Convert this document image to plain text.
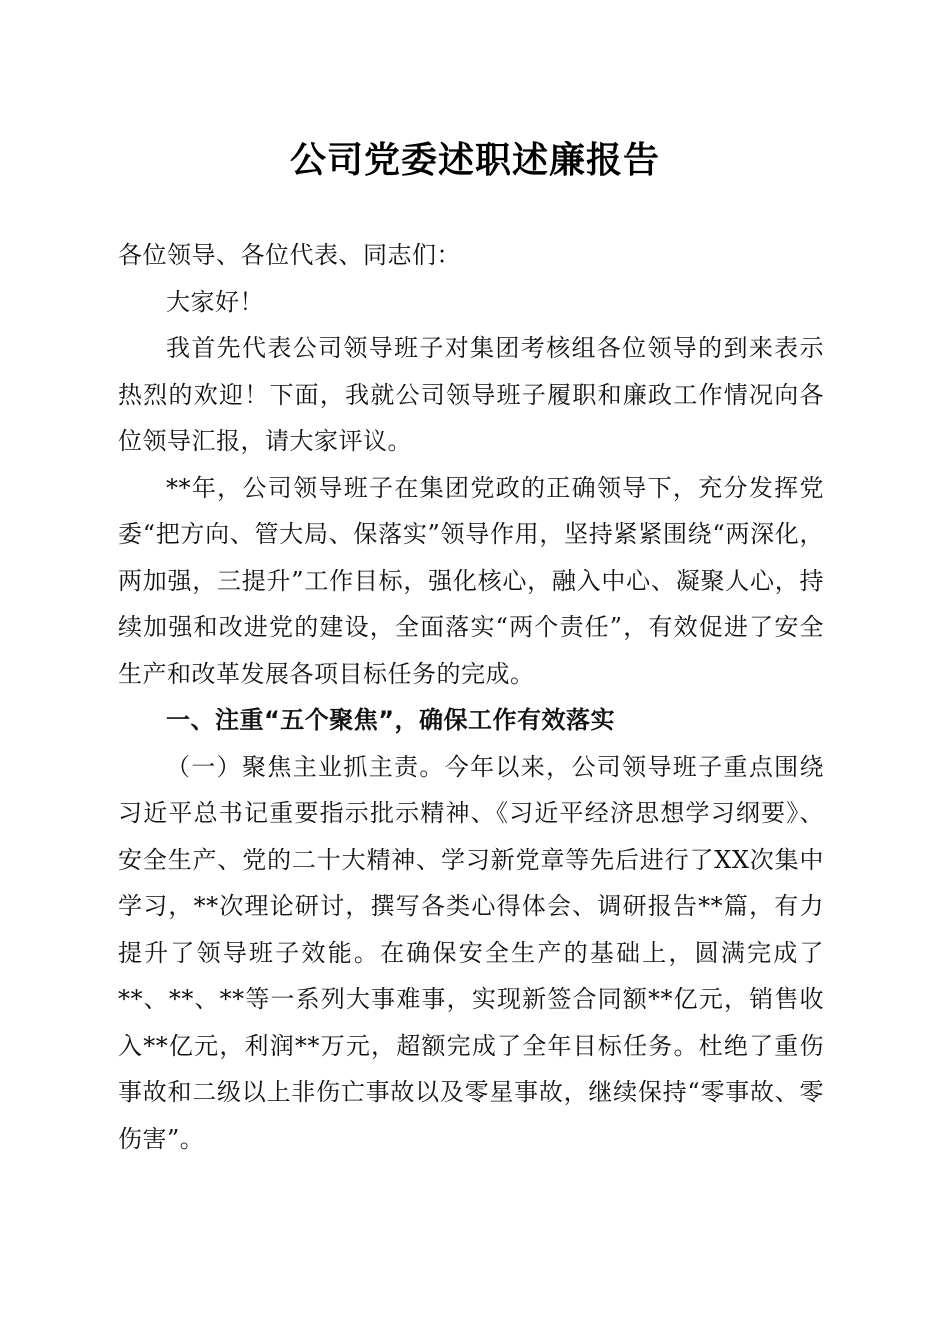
公司党委述职述廉报告

各位领导、各位代表、同志们：

大家好！

我首先代表公司领导班子对集团考核组各位领导的到来表示热烈的欢迎！下面，我就公司领导班子履职和廉政工作情况向各位领导汇报，请大家评议。

**年，公司领导班子在集团党政的正确领导下，充分发挥党委“把方向、管大局、保落实”领导作用，坚持紧紧围绕“两深化，两加强，三提升”工作目标，强化核心，融入中心、凝聚人心，持续加强和改进党的建设，全面落实“两个责任”，有效促进了安全生产和改革发展各项目标任务的完成。

一、注重“五个聚焦”，确保工作有效落实

（一）聚焦主业抓主责。今年以来，公司领导班子重点围绕习近平总书记重要指示批示精神、《习近平经济思想学习纲要》、安全生产、党的二十大精神、学习新党章等先后进行了XX次集中学习，**次理论研讨，撰写各类心得体会、调研报告**篇，有力提升了领导班子效能。在确保安全生产的基础上，圆满完成了**、**、**等一系列大事难事，实现新签合同额**亿元，销售收入**亿元，利润**万元，超额完成了全年目标任务。杜绝了重伤事故和二级以上非伤亡事故以及零星事故，继续保持“零事故、零伤害”。
